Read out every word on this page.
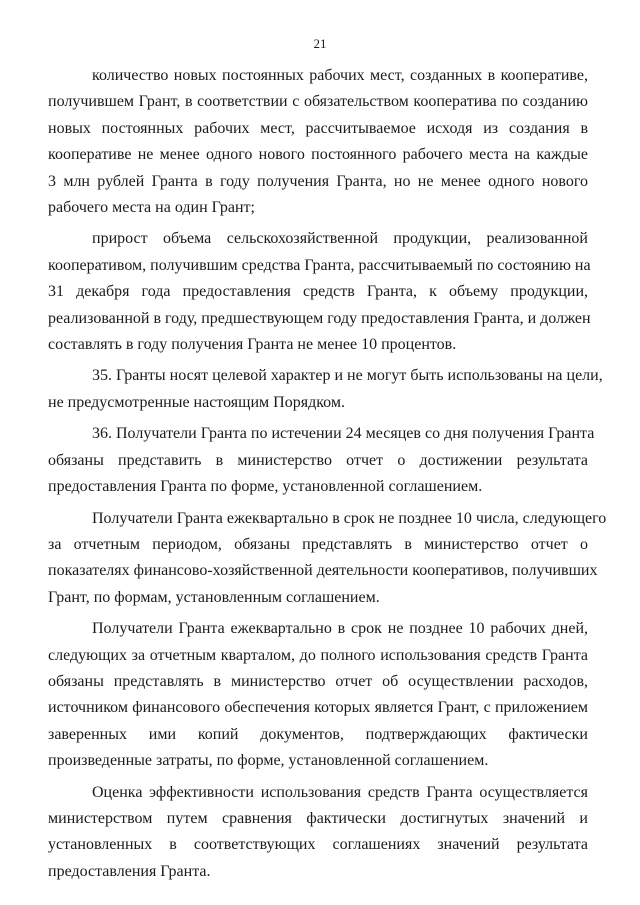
21
количество новых постоянных рабочих мест, созданных в кооперативе,
получившем Грант, в соответствии с обязательством кооператива по созданию
новых постоянных рабочих мест, рассчитываемое исходя из создания в
кооперативе не менее одного нового постоянного рабочего места на каждые
3 млн рублей Гранта в году получения Гранта, но не менее одного нового
рабочего места на один Грант;
прирост объема сельскохозяйственной продукции, реализованной
кооперативом, получившим средства Гранта, рассчитываемый по состоянию на
31 декабря года предоставления средств Гранта, к объему продукции,
реализованной в году, предшествующем году предоставления Гранта, и должен
составлять в году получения Гранта не менее 10 процентов.
35. Гранты носят целевой характер и не могут быть использованы на цели,
не предусмотренные настоящим Порядком.
36. Получатели Гранта по истечении 24 месяцев со дня получения Гранта
обязаны представить в министерство отчет о достижении результата
предоставления Гранта по форме, установленной соглашением.
Получатели Гранта ежеквартально в срок не позднее 10 числа, следующего
за отчетным периодом, обязаны представлять в министерство отчет о
показателях финансово-хозяйственной деятельности кооперативов, получивших
Грант, по формам, установленным соглашением.
Получатели Гранта ежеквартально в срок не позднее 10 рабочих дней,
следующих за отчетным кварталом, до полного использования средств Гранта
обязаны представлять в министерство отчет об осуществлении расходов,
источником финансового обеспечения которых является Грант, с приложением
заверенных ими копий документов, подтверждающих фактически
произведенные затраты, по форме, установленной соглашением.
Оценка эффективности использования средств Гранта осуществляется
министерством путем сравнения фактически достигнутых значений и
установленных в соответствующих соглашениях значений результата
предоставления Гранта.
